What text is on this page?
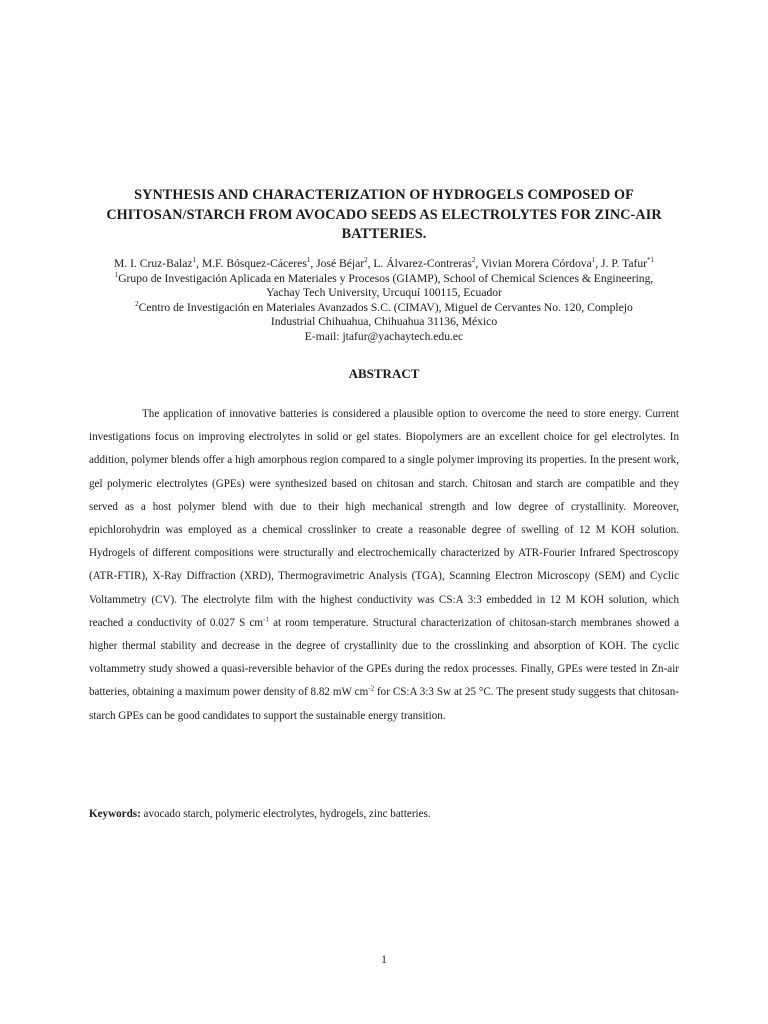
SYNTHESIS AND CHARACTERIZATION OF HYDROGELS COMPOSED OF CHITOSAN/STARCH FROM AVOCADO SEEDS AS ELECTROLYTES FOR ZINC-AIR BATTERIES.
M. I. Cruz-Balaz$^1$, M.F. Bósquez-Cáceres$^1$, José Béjar$^2$, L. Álvarez-Contreras$^2$, Vivian Morera Córdova$^1$, J. P. Tafur$^{*1}$
$^1$Grupo de Investigación Aplicada en Materiales y Procesos (GIAMP), School of Chemical Sciences & Engineering,
Yachay Tech University, Urcuquí 100115, Ecuador
$^2$Centro de Investigación en Materiales Avanzados S.C. (CIMAV), Miguel de Cervantes No. 120, Complejo
Industrial Chihuahua, Chihuahua 31136, México
E-mail: jtafur@yachaytech.edu.ec
ABSTRACT

The application of innovative batteries is considered a plausible option to overcome the need to store energy. Current investigations focus on improving electrolytes in solid or gel states. Biopolymers are an excellent choice for gel electrolytes. In addition, polymer blends offer a high amorphous region compared to a single polymer improving its properties. In the present work, gel polymeric electrolytes (GPEs) were synthesized based on chitosan and starch. Chitosan and starch are compatible and they served as a host polymer blend with due to their high mechanical strength and low degree of crystallinity. Moreover, epichlorohydrin was employed as a chemical crosslinker to create a reasonable degree of swelling of 12 M KOH solution. Hydrogels of different compositions were structurally and electrochemically characterized by ATR-Fourier Infrared Spectroscopy (ATR-FTIR), X-Ray Diffraction (XRD), Thermogravimetric Analysis (TGA), Scanning Electron Microscopy (SEM) and Cyclic Voltammetry (CV). The electrolyte film with the highest conductivity was CS:A 3:3 embedded in 12 M KOH solution, which reached a conductivity of 0.027 S $cm^{-1}$ at room temperature. Structural characterization of chitosan-starch membranes showed a higher thermal stability and decrease in the degree of crystallinity due to the crosslinking and absorption of KOH. The cyclic voltammetry study showed a quasi-reversible behavior of the GPEs during the redox processes. Finally, GPEs were tested in Zn-air batteries, obtaining a maximum power density of 8.82 mW $cm^{-2}$ for CS:A 3:3 Sw at 25 °C. The present study suggests that chitosan-starch GPEs can be good candidates to support the sustainable energy transition.

Keywords: avocado starch, polymeric electrolytes, hydrogels, zinc batteries.
1
